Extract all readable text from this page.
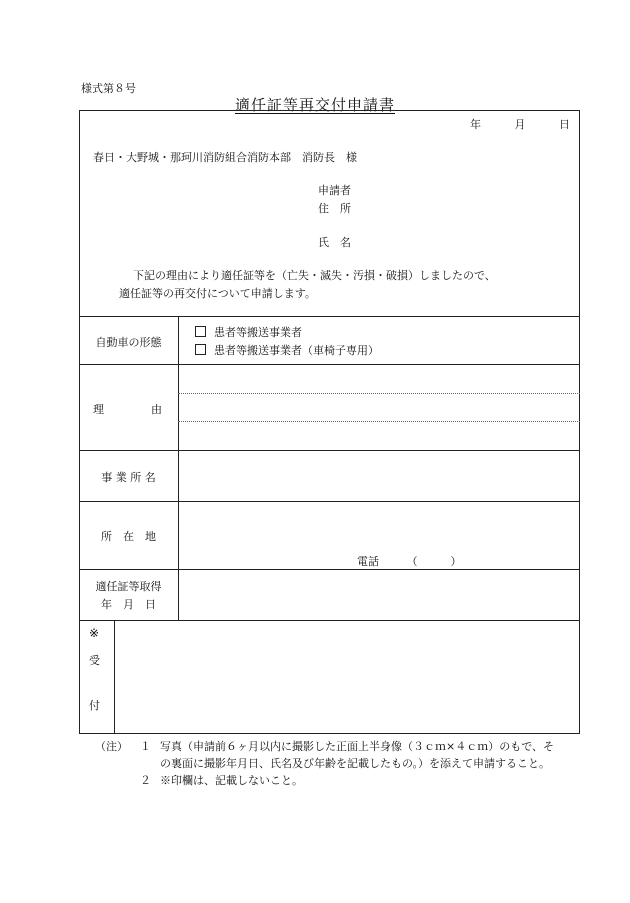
様式第８号
適任証等再交付申請書
年	月	日
春日・大野城・那珂川消防組合消防本部　消防長　様
申請者
住　所
氏　名
下記の理由により適任証等を（亡失・滅失・汚損・破損）しましたので、
適任証等の再交付について申請します。
自動車の形態
患者等搬送事業者
患者等搬送事業者（車椅子専用）
理	由
事 業 所 名
所　在　地
電話　　　（　　　）
適任証等取得
年　月　日
※
受
付
（注） １ 写真（申請前６ヶ月以内に撮影した正面上半身像（３ｃｍ×４ｃｍ）のもで、そ
の裏面に撮影年月日、氏名及び年齢を記載したもの。）を添えて申請すること。
２ ※印欄は、記載しないこと。
